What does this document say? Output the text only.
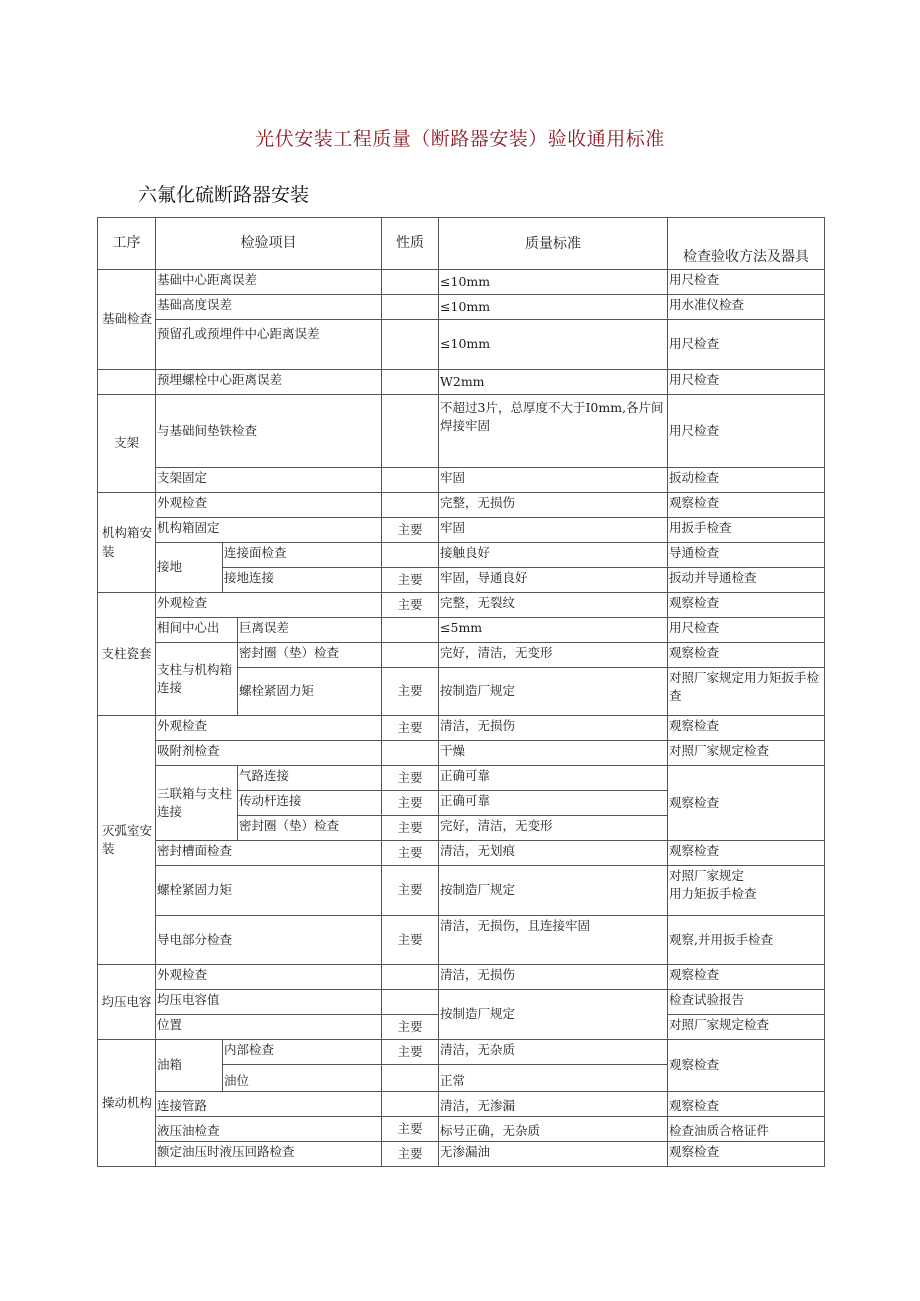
光伏安装工程质量（断路器安装）验收通用标准
六氟化硫断路器安装
工序	检验项目			性质	质量标准	检查验收方法及器具
基础检查	基础中心距离误差				≤10mm	用尺检查
	基础高度误差				≤10mm	用水准仪检查
	预留孔或预埋件中心距离误差				≤10mm	用尺检查
	预埋螺栓中心距离误差				W2mm	用尺检查
支架	与基础间垫铁检查				不超过3片，总厚度不大于I0mm,各片间焊接牢固	用尺检查
	支架固定				牢固	扳动检查
机构箱安装	外观检查				完整，无损伤	观察检查
	机构箱固定			主要	牢固	用扳手检查
	接地	连接面检查			接触良好	导通检查
		接地连接		主要	牢固，导通良好	扳动并导通检查
支柱瓷套	外观检查			主要	完整，无裂纹	观察检查
	相间中心出		巨离误差		≤5mm	用尺检查
	支柱与机构箱连接		密封圈（垫）检查		完好，清洁，无变形	观察检查
			螺栓紧固力矩	主要	按制造厂规定	对照厂家规定用力矩扳手检查
灭弧室安装	外观检查			主要	清洁，无损伤	观察检查
	吸附剂检查				干燥	对照厂家规定检查
	三联箱与支柱连接		气路连接	主要	正确可靠	观察检查
			传动杆连接	主要	正确可靠	
			密封圈（垫）检查	主要	完好，清洁，无变形	
	密封槽面检查			主要	清洁，无划痕	观察检查
	螺栓紧固力矩			主要	按制造厂规定	对照厂家规定
用力矩扳手检查

	导电部分检查			主要	清洁，无损伤，且连接牢固	观察,并用扳手检查
均压电容	外观检查				清洁，无损伤	观察检查
	均压电容值				按制造厂规定	检查试验报告
	位置			主要		对照厂家规定检查
操动机构	油箱	内部检查		主要	清洁，无杂质	观察检查
		油位			正常	
	连接管路				清洁，无渗漏	观察检查
	液压油检查			主要	标号正确，无杂质	检查油质合格证件
	额定油压时液压回路检查			主要	无渗漏油	观察检查
